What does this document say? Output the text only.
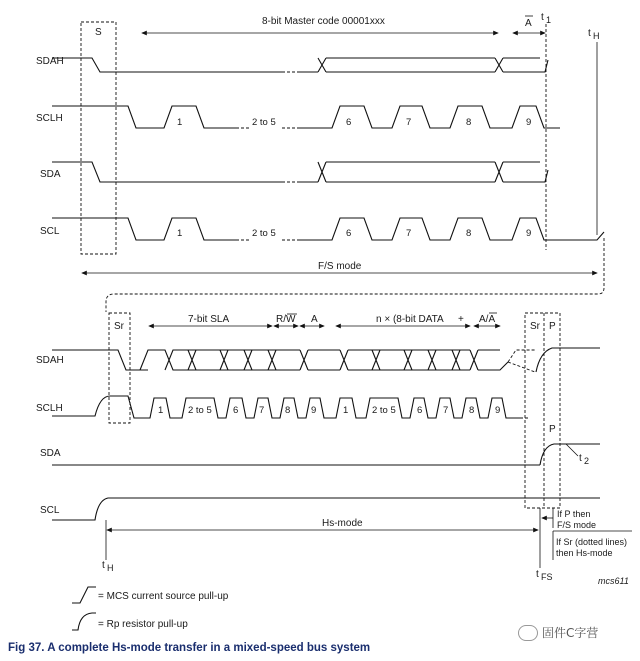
SDAH
SCLH
SDA
SCL
S
8-bit Master code 00001xxx	A
t 1
t H
1	2 to 5	6	7	8	9
1	2 to 5	6	7	8	9
F/S mode
SDAH
SCLH
SDA
SCL
Sr
7-bit SLA	R/W A	n × (8-bit DATA + A/A
Sr P
P
t 2
1	2 to 5 6 7 8 9	1 2 to 5 6 7 8 9
Hs-mode
If P then
F/S mode
If Sr (dotted lines)
then Hs-mode
t FS
t H
mcs611
= MCS current source pull-up
= Rp resistor pull-up
固件C字营
Fig 37. A complete Hs-mode transfer in a mixed-speed bus system
